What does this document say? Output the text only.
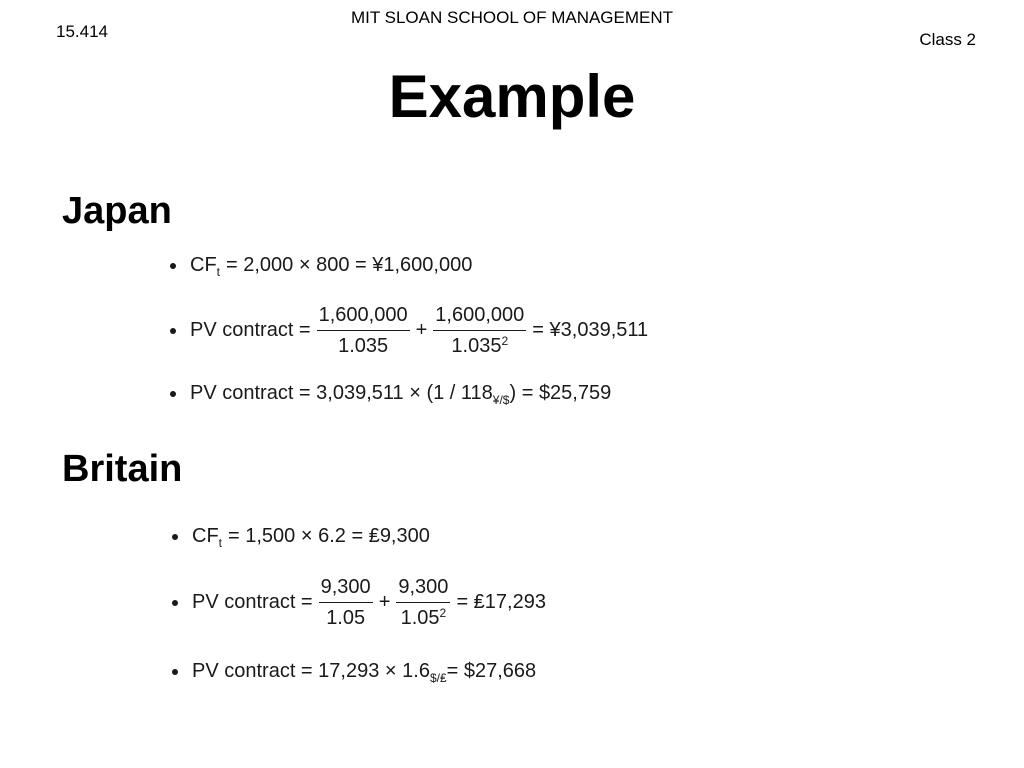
15.414
MIT SLOAN SCHOOL OF MANAGEMENT
Class 2
Example
Japan
CF t = 2,000 × 800 = ¥1,600,000
PV contract = $\frac{1,600,000}{1.035} + \frac{1,600,000}{1.035^2}$ = ¥3,039,511
PV contract = 3,039,511 × (1 / 118 ¥/$ ) = $25,759
Britain
CF t = 1,500 × 6.2 = ₤9,300
PV contract = $\frac{9,300}{1.05} + \frac{9,300}{1.05^2}$ = ₤17,293
PV contract = 17,293 × 1.6 $/₤ = $27,668
